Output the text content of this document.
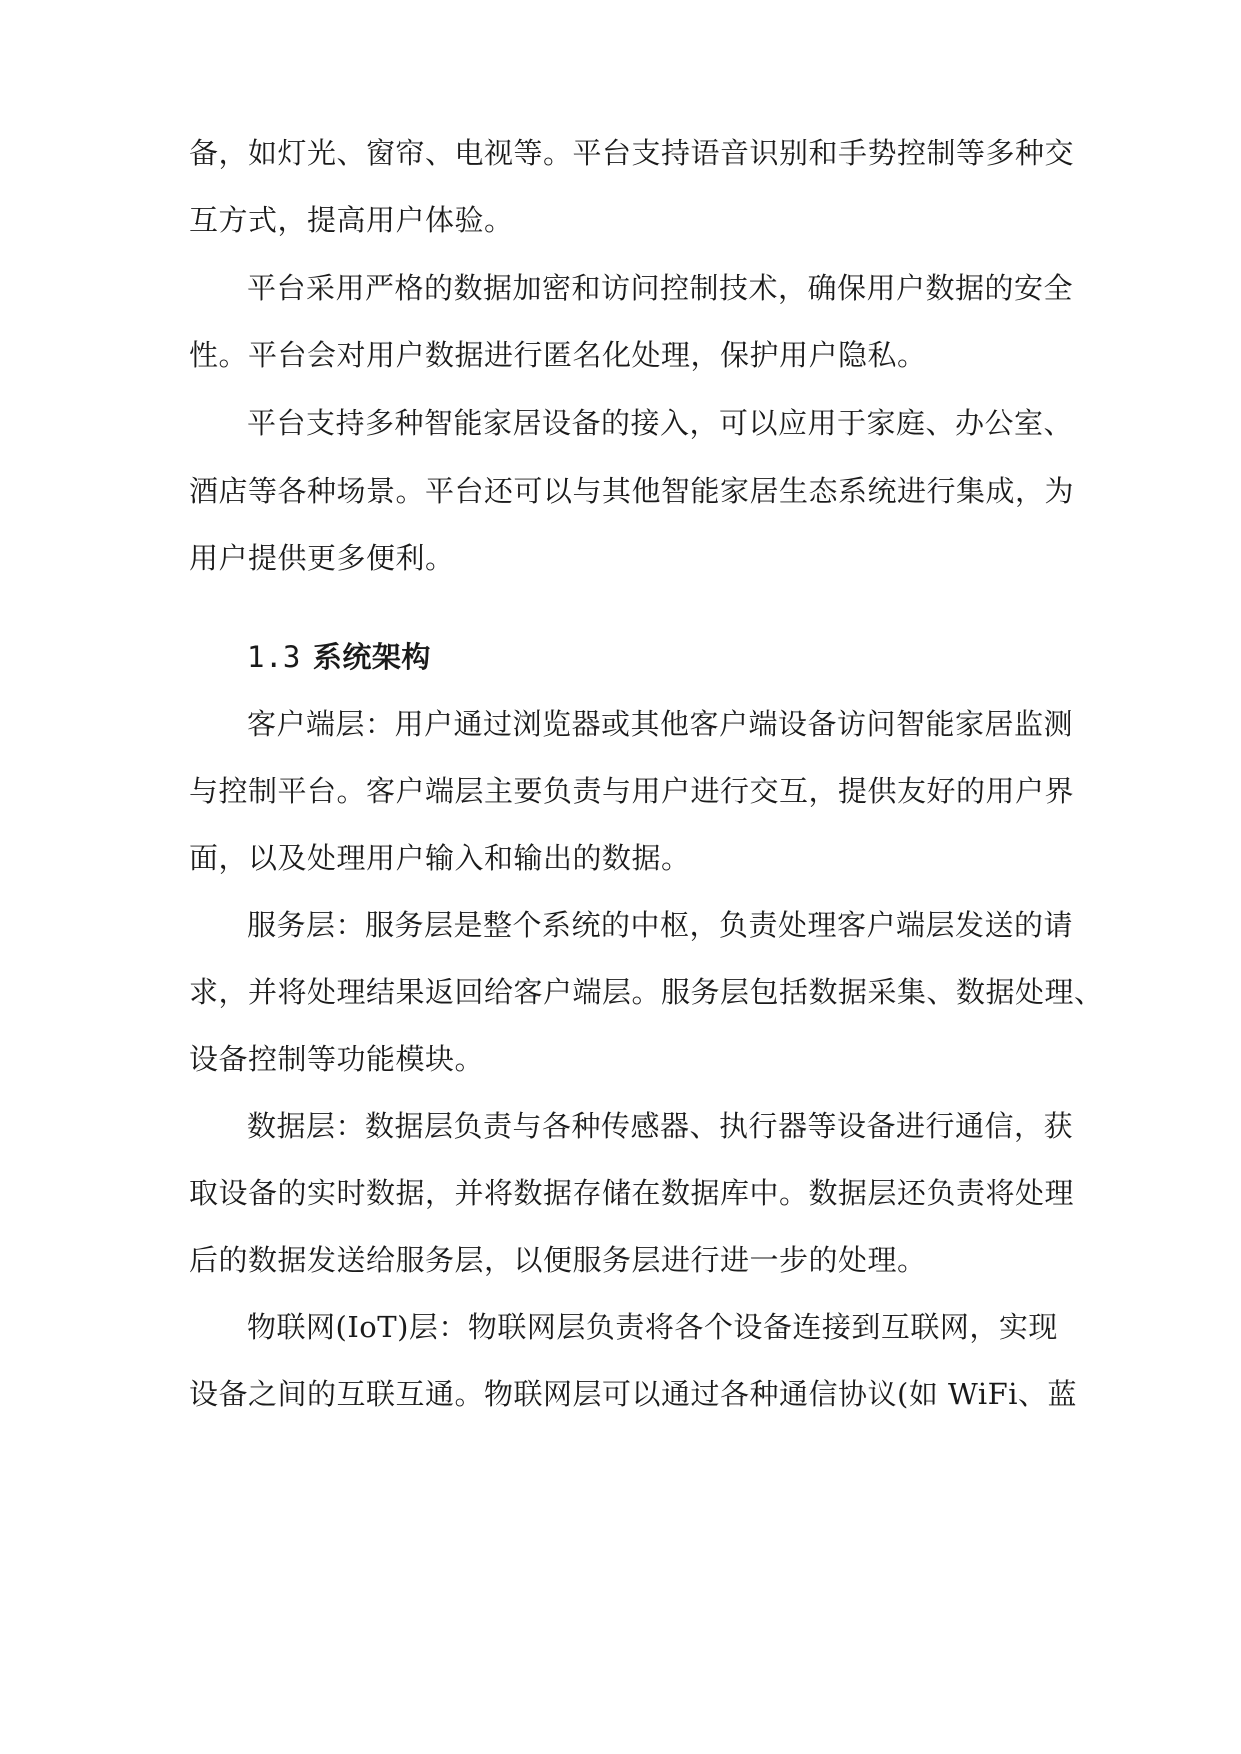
备，如灯光、窗帘、电视等。平台支持语音识别和手势控制等多种交
互方式，提高用户体验。
平台采用严格的数据加密和访问控制技术，确保用户数据的安全
性。平台会对用户数据进行匿名化处理，保护用户隐私。
平台支持多种智能家居设备的接入，可以应用于家庭、办公室、
酒店等各种场景。平台还可以与其他智能家居生态系统进行集成，为
用户提供更多便利。
1.3 系统架构
客户端层：用户通过浏览器或其他客户端设备访问智能家居监测
与控制平台。客户端层主要负责与用户进行交互，提供友好的用户界
面，以及处理用户输入和输出的数据。
服务层：服务层是整个系统的中枢，负责处理客户端层发送的请
求，并将处理结果返回给客户端层。服务层包括数据采集、数据处理、
设备控制等功能模块。
数据层：数据层负责与各种传感器、执行器等设备进行通信，获
取设备的实时数据，并将数据存储在数据库中。数据层还负责将处理
后的数据发送给服务层，以便服务层进行进一步的处理。
物联网(IoT)层：物联网层负责将各个设备连接到互联网，实现
设备之间的互联互通。物联网层可以通过各种通信协议(如 WiFi、蓝
